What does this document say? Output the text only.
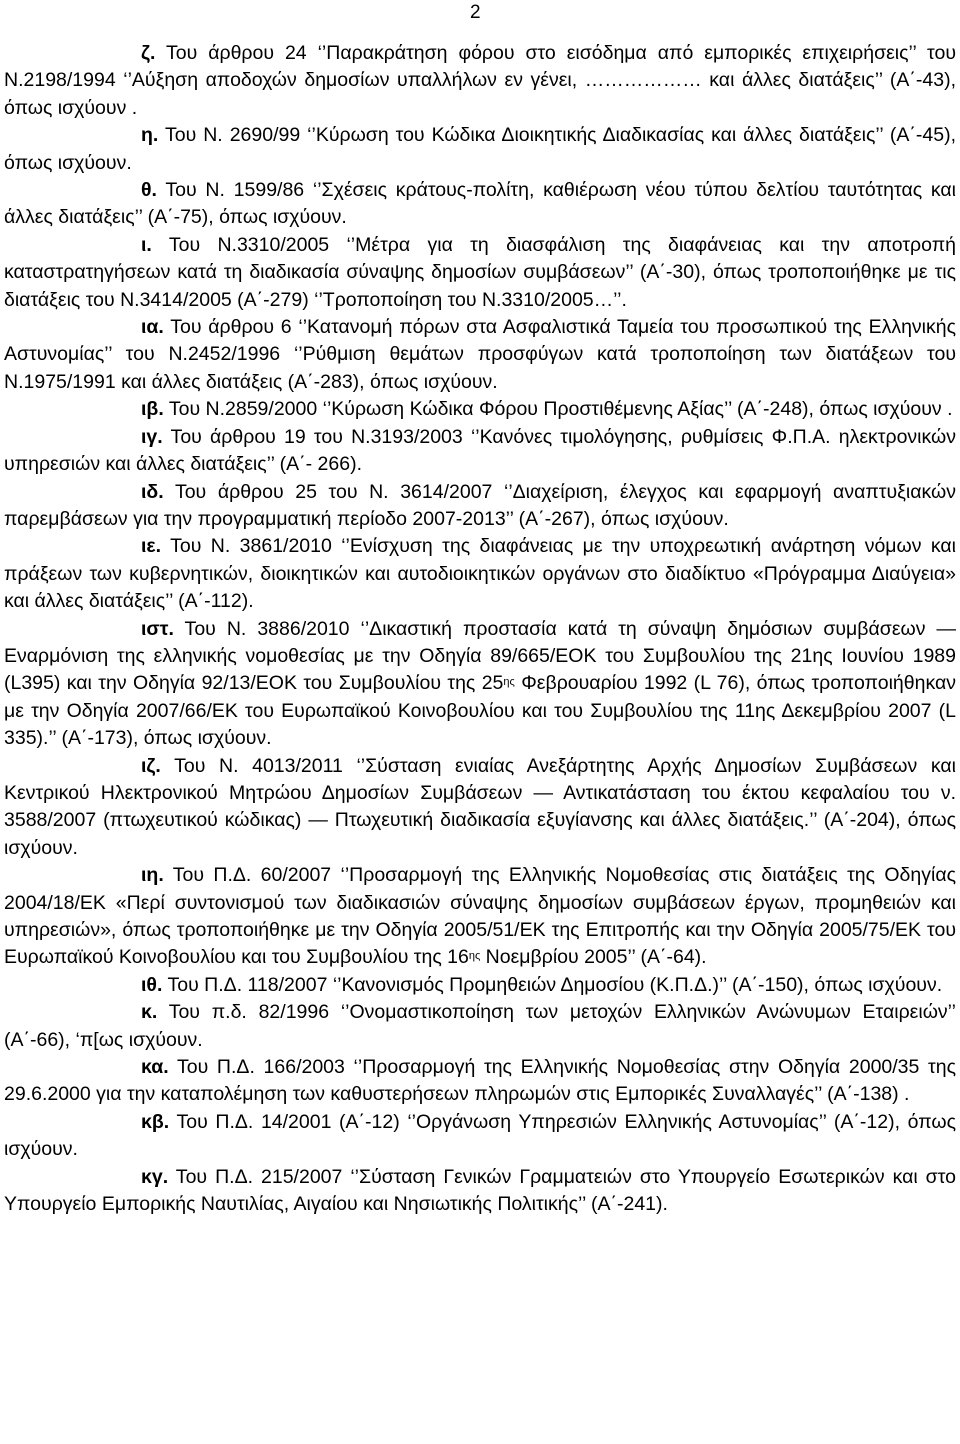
2

ζ. Του άρθρου 24 ‘’Παρακράτηση φόρου στο εισόδημα από εμπορικές επιχειρήσεις’’ του Ν.2198/1994 ‘’Αύξηση αποδοχών δημοσίων υπαλλήλων εν γένει, ……………… και άλλες διατάξεις’’ (Α΄-43), όπως ισχύουν .

η. Του Ν. 2690/99 ‘’Κύρωση του Κώδικα Διοικητικής Διαδικασίας και άλλες διατάξεις’’ (Α΄-45), όπως ισχύουν.

θ. Του Ν. 1599/86 ‘’Σχέσεις κράτους-πολίτη, καθιέρωση νέου τύπου δελτίου ταυτότητας και άλλες διατάξεις’’ (Α΄-75), όπως ισχύουν.

ι. Του Ν.3310/2005 ‘’Μέτρα για τη διασφάλιση της διαφάνειας και την αποτροπή καταστρατηγήσεων κατά τη διαδικασία σύναψης δημοσίων συμβάσεων’’ (Α΄-30), όπως τροποποιήθηκε με τις διατάξεις του Ν.3414/2005 (Α΄-279) ‘’Τροποποίηση του Ν.3310/2005…’’.

ια. Του άρθρου 6 ‘’Κατανομή πόρων στα Ασφαλιστικά Ταμεία του προσωπικού της Ελληνικής Αστυνομίας’’ του Ν.2452/1996 ‘’Ρύθμιση θεμάτων προσφύγων κατά τροποποίηση των διατάξεων του Ν.1975/1991 και άλλες διατάξεις (Α΄-283), όπως ισχύουν.

ιβ. Του Ν.2859/2000 ‘’Κύρωση Κώδικα Φόρου Προστιθέμενης Αξίας’’ (Α΄-248), όπως ισχύουν .

ιγ. Του άρθρου 19 του Ν.3193/2003 ‘’Κανόνες τιμολόγησης, ρυθμίσεις Φ.Π.Α. ηλεκτρονικών υπηρεσιών και άλλες διατάξεις’’ (Α΄- 266).

ιδ. Του άρθρου 25 του Ν. 3614/2007 ‘’Διαχείριση, έλεγχος και εφαρμογή αναπτυξιακών παρεμβάσεων για την προγραμματική περίοδο 2007-2013’’ (Α΄-267), όπως ισχύουν.

ιε. Του Ν. 3861/2010 ‘’Ενίσχυση της διαφάνειας με την υποχρεωτική ανάρτηση νόμων και πράξεων των κυβερνητικών, διοικητικών και αυτοδιοικητικών οργάνων στο διαδίκτυο «Πρόγραμμα Διαύγεια» και άλλες διατάξεις’’ (Α΄-112).

ιστ. Του Ν. 3886/2010 ‘’Δικαστική προστασία κατά τη σύναψη δημόσιων συμβάσεων — Εναρμόνιση της ελληνικής νομοθεσίας με την Οδηγία 89/665/ΕΟΚ του Συμβουλίου της 21ης Ιουνίου 1989 (L395) και την Οδηγία 92/13/ΕΟΚ του Συμβουλίου της $25^{\eta\varsigma}$ Φεβρουαρίου 1992 (L 76), όπως τροποποιήθηκαν με την Οδηγία 2007/66/ΕΚ του Ευρωπαϊκού Κοινοβουλίου και του Συμβουλίου της 11ης Δεκεμβρίου 2007 (L 335).’’ (Α΄-173), όπως ισχύουν.

ιζ. Του Ν. 4013/2011 ‘’Σύσταση ενιαίας Ανεξάρτητης Αρχής Δημοσίων Συμβάσεων και Κεντρικού Ηλεκτρονικού Μητρώου Δημοσίων Συμβάσεων — Αντικατάσταση του έκτου κεφαλαίου του ν. 3588/2007 (πτωχευτικού κώδικας) — Πτωχευτική διαδικασία εξυγίανσης και άλλες διατάξεις.’’ (Α΄-204), όπως ισχύουν.

ιη. Του Π.Δ. 60/2007 ‘’Προσαρμογή της Ελληνικής Νομοθεσίας στις διατάξεις της Οδηγίας 2004/18/ΕΚ «Περί συντονισμού των διαδικασιών σύναψης δημοσίων συμβάσεων έργων, προμηθειών και υπηρεσιών», όπως τροποποιήθηκε με την Οδηγία 2005/51/ΕΚ της Επιτροπής και την Οδηγία 2005/75/ΕΚ του Ευρωπαϊκού Κοινοβουλίου και του Συμβουλίου της $16^{\eta\varsigma}$ Νοεμβρίου 2005’’ (Α΄-64).

ιθ. Του Π.Δ. 118/2007 ‘’Κανονισμός Προμηθειών Δημοσίου (Κ.Π.Δ.)’’ (Α΄-150), όπως ισχύουν.

κ. Του π.δ. 82/1996 ‘’Ονομαστικοποίηση των μετοχών Ελληνικών Ανώνυμων Εταιρειών’’ (Α΄-66), ‘π[ως ισχύουν.

κα. Του Π.Δ. 166/2003 ‘’Προσαρμογή της Ελληνικής Νομοθεσίας στην Οδηγία 2000/35 της 29.6.2000 για την καταπολέμηση των καθυστερήσεων πληρωμών στις Εμπορικές Συναλλαγές’’ (Α΄-138) .

κβ. Του Π.Δ. 14/2001 (Α΄-12) ‘’Οργάνωση Υπηρεσιών Ελληνικής Αστυνομίας’’ (Α΄-12), όπως ισχύουν.

κγ. Του Π.Δ. 215/2007 ‘’Σύσταση Γενικών Γραμματειών στο Υπουργείο Εσωτερικών και στο Υπουργείο Εμπορικής Ναυτιλίας, Αιγαίου και Νησιωτικής Πολιτικής’’ (Α΄-241).
